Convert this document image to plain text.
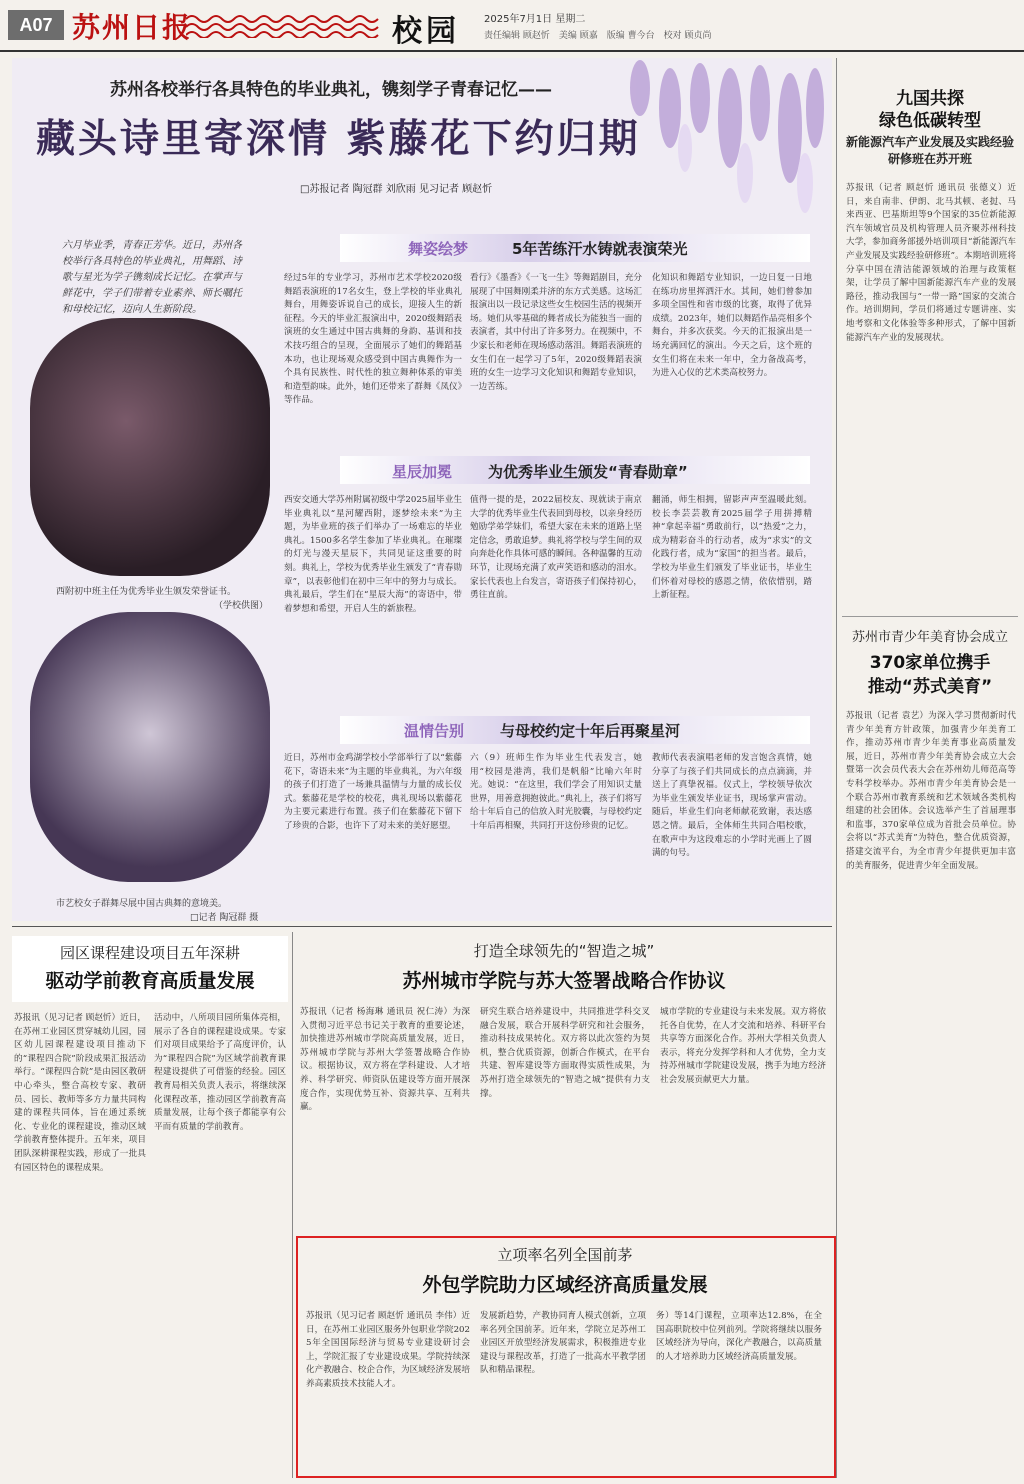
A07 苏州日报	校园 2025年7月1日 星期二
责任编辑 顾赵忻　美编 顾嘉　版编 曹今台　校对 顾贞尚
苏州各校举行各具特色的毕业典礼，镌刻学子青春记忆——
藏头诗里寄深情 紫藤花下约归期
□苏报记者 陶冠群 刘欣雨 见习记者 顾赵忻
六月毕业季，青春正芳华。近日，苏州各校举行各具特色的毕业典礼，用舞蹈、诗歌与星光为学子镌刻成长记忆。在掌声与鲜花中，学子们带着专业素养、师长嘱托和母校记忆，迈向人生新阶段。
西附初中班主任为优秀毕业生颁发荣誉证书。
（学校供图）
市艺校女子群舞尽展中国古典舞的意境美。
□记者 陶冠群 摄
舞姿绘梦	5年苦练汗水铸就表演荣光
经过5年的专业学习，苏州市艺术学校2020级舞蹈表演班的17名女生，登上学校的毕业典礼舞台，用舞姿诉说自己的成长，迎接人生的新征程。今天的毕业汇报演出中，2020级舞蹈表演班的女生通过中国古典舞的身韵、基训和技术技巧组合的呈现，全面展示了她们的舞蹈基本功，也让现场观众感受到中国古典舞作为一个具有民族性、时代性的独立舞种体系的审美和造型韵味。此外，她们还带来了群舞《凤仪》等作品。
看行》《墨香》《一飞一生》等舞蹈剧目，充分展现了中国舞刚柔并济的东方式美感。这场汇报演出以一段记录这些女生校园生活的视频开场。她们从零基础的舞者成长为能独当一面的表演者，其中付出了许多努力。在视频中，不少家长和老师在现场感动落泪。舞蹈表演班的女生们在一起学习了5年，2020级舞蹈表演班的女生一边学习文化知识和舞蹈专业知识，一边苦练。
化知识和舞蹈专业知识，一边日复一日地在练功房里挥洒汗水。其间，她们曾参加多项全国性和省市级的比赛，取得了优异成绩。2023年，她们以舞蹈作品亮相多个舞台，并多次获奖。今天的汇报演出是一场充满回忆的演出。今天之后，这个班的女生们将在未来一年中，全力备战高考，为进入心仪的艺术类高校努力。
星辰加冕 为优秀毕业生颁发“青春勋章”
西安交通大学苏州附属初级中学2025届毕业生毕业典礼以“星河耀西附，逐梦绘未来”为主题，为毕业班的孩子们举办了一场难忘的毕业典礼。1500多名学生参加了毕业典礼。在璀璨的灯光与漫天星辰下，共同见证这重要的时刻。典礼上，学校为优秀毕业生颁发了“青春勋章”，以表彰他们在初中三年中的努力与成长。典礼最后，学生们在“星辰大海”的寄语中，带着梦想和希望，开启人生的新旅程。
值得一提的是，2022届校友、现就读于南京大学的优秀毕业生代表回到母校，以亲身经历勉励学弟学妹们，希望大家在未来的道路上坚定信念，勇敢追梦。典礼将学校与学生间的双向奔赴化作具体可感的瞬间。各种温馨的互动环节，让现场充满了欢声笑语和感动的泪水。家长代表也上台发言，寄语孩子们保持初心，勇往直前。
翻涌，师生相拥，留影声声至温暖此刻。校长李芸芸教育2025届学子用拼搏精神“拿起幸福”勇敢前行，以“热爱”之力，成为精彩奋斗的行动者，成为“求实”的文化践行者，成为“家国”的担当者。最后，学校为毕业生们颁发了毕业证书，毕业生们怀着对母校的感恩之情，依依惜别，踏上新征程。
温情告别 与母校约定十年后再聚星河
近日，苏州市金鸡湖学校小学部举行了以“紫藤花下，寄语未来”为主题的毕业典礼，为六年级的孩子们打造了一场兼具温情与力量的成长仪式。紫藤花是学校的校花，典礼现场以紫藤花为主要元素进行布置。孩子们在紫藤花下留下了珍贵的合影，也许下了对未来的美好愿望。
六（9）班师生作为毕业生代表发言，她用“校园是港湾，我们是帆船”比喻六年时光。她说：“在这里，我们学会了用知识丈量世界，用善意拥抱彼此。”典礼上，孩子们将写给十年后自己的信放入时光胶囊，与母校约定十年后再相聚，共同打开这份珍贵的记忆。
教师代表表演唱老师的发言饱含真情，她分享了与孩子们共同成长的点点滴滴，并送上了真挚祝福。仪式上，学校领导依次为毕业生颁发毕业证书，现场掌声雷动。随后，毕业生们向老师献花致谢，表达感恩之情。最后，全体师生共同合唱校歌，在歌声中为这段难忘的小学时光画上了圆满的句号。
九国共探
绿色低碳转型
新能源汽车产业发展及实践经验研修班在苏开班
苏报讯（记者 顾赵忻 通讯员 张德义）近日，来自南非、伊朗、北马其顿、老挝、马来西亚、巴基斯坦等9个国家的35位新能源汽车领域官员及机构管理人员齐聚苏州科技大学，参加商务部援外培训项目“新能源汽车产业发展及实践经验研修班”。本期培训班将分享中国在清洁能源领域的治理与政策框架，让学员了解中国新能源汽车产业的发展路径，推动我国与“一带一路”国家的交流合作。培训期间，学员们将通过专题讲座、实地考察和文化体验等多种形式，了解中国新能源汽车产业的发展现状。
苏州市青少年美育协会成立
370家单位携手
推动“苏式美育”
苏报讯（记者 袁艺）为深入学习贯彻新时代青少年美育方针政策，加强青少年美育工作，推动苏州市青少年美育事业高质量发展，近日，苏州市青少年美育协会成立大会暨第一次会员代表大会在苏州幼儿师范高等专科学校举办。苏州市青少年美育协会是一个联合苏州市教育系统和艺术领域各类机构组建的社会团体。会议选举产生了首届理事和监事，370家单位成为首批会员单位。协会将以“苏式美育”为特色，整合优质资源，搭建交流平台，为全市青少年提供更加丰富的美育服务，促进青少年全面发展。
园区课程建设项目五年深耕
驱动学前教育高质量发展
苏报讯（见习记者 顾赵忻）近日，在苏州工业园区贯穿城幼儿园，园区幼儿园课程建设项目推动下的“课程四合院”阶段成果汇报活动举行。“课程四合院”是由园区教研中心牵头，整合高校专家、教研员、园长、教师等多方力量共同构建的课程共同体，旨在通过系统化、专业化的课程建设，推动区域学前教育整体提升。五年来，项目团队深耕课程实践，形成了一批具有园区特色的课程成果。
活动中，八所项目园所集体亮相，展示了各自的课程建设成果。专家们对项目成果给予了高度评价，认为“课程四合院”为区域学前教育课程建设提供了可借鉴的经验。园区教育局相关负责人表示，将继续深化课程改革，推动园区学前教育高质量发展，让每个孩子都能享有公平而有质量的学前教育。
打造全球领先的“智造之城”
苏州城市学院与苏大签署战略合作协议
苏报讯（记者 杨海琳 通讯员 祝仁涛）为深入贯彻习近平总书记关于教育的重要论述，加快推进苏州城市学院高质量发展，近日，苏州城市学院与苏州大学签署战略合作协议。根据协议，双方将在学科建设、人才培养、科学研究、师资队伍建设等方面开展深度合作，实现优势互补、资源共享、互利共赢。
研究生联合培养建设中，共同推进学科交叉融合发展，联合开展科学研究和社会服务，推动科技成果转化。双方将以此次签约为契机，整合优质资源，创新合作模式，在平台共建、智库建设等方面取得实质性成果，为苏州打造全球领先的“智造之城”提供有力支撑。
城市学院的专业建设与未来发展。双方将依托各自优势，在人才交流和培养、科研平台共享等方面深化合作。苏州大学相关负责人表示，将充分发挥学科和人才优势，全力支持苏州城市学院建设发展，携手为地方经济社会发展贡献更大力量。
立项率名列全国前茅
外包学院助力区域经济高质量发展
苏报讯（见习记者 顾赵忻 通讯员 李伟）近日，在苏州工业园区服务外包职业学院2025年全国国际经济与贸易专业建设研讨会上，学院汇报了专业建设成果。学院持续深化产教融合、校企合作，为区域经济发展培养高素质技术技能人才。
发展新趋势，产教协同育人模式创新，立项率名列全国前茅。近年来，学院立足苏州工业园区开放型经济发展需求，积极推进专业建设与课程改革，打造了一批高水平教学团队和精品课程。
务）等14门课程，立项率达12.8%，在全国高职院校中位列前列。学院将继续以服务区域经济为导向，深化产教融合，以高质量的人才培养助力区域经济高质量发展。
